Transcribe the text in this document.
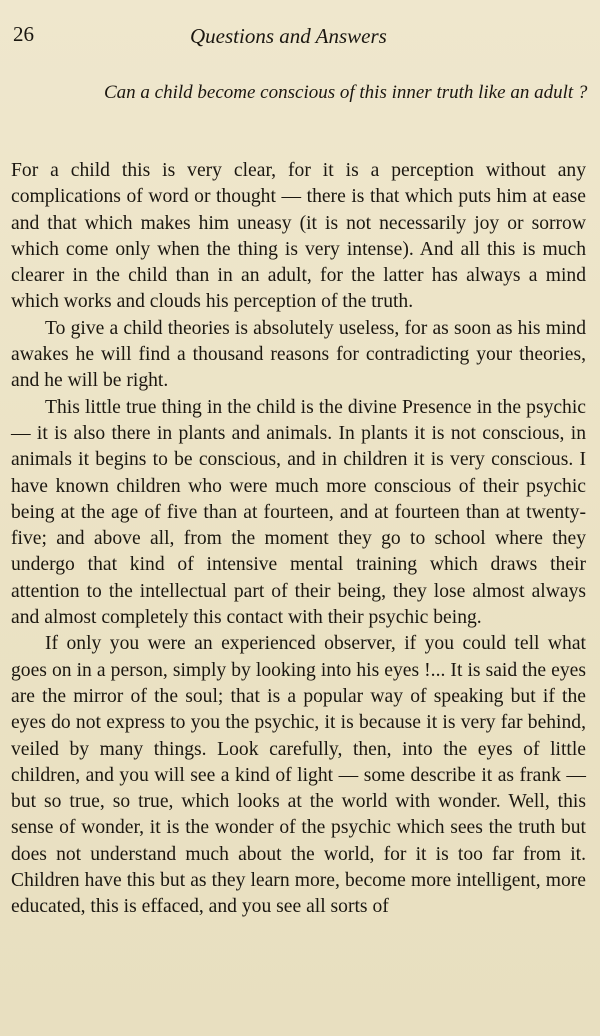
26	Questions and Answers
Can a child become conscious of this inner truth like an adult ?

For a child this is very clear, for it is a perception without any complications of word or thought — there is that which puts him at ease and that which makes him uneasy (it is not necessarily joy or sorrow which come only when the thing is very intense). And all this is much clearer in the child than in an adult, for the latter has always a mind which works and clouds his perception of the truth.

To give a child theories is absolutely useless, for as soon as his mind awakes he will find a thousand reasons for contradicting your theories, and he will be right.

This little true thing in the child is the divine Presence in the psychic — it is also there in plants and animals. In plants it is not conscious, in animals it begins to be conscious, and in children it is very conscious. I have known children who were much more conscious of their psychic being at the age of five than at fourteen, and at fourteen than at twenty-five; and above all, from the moment they go to school where they undergo that kind of intensive mental training which draws their attention to the intellectual part of their being, they lose almost always and almost completely this contact with their psychic being.

If only you were an experienced observer, if you could tell what goes on in a person, simply by looking into his eyes !... It is said the eyes are the mirror of the soul; that is a popular way of speaking but if the eyes do not express to you the psychic, it is because it is very far behind, veiled by many things. Look carefully, then, into the eyes of little children, and you will see a kind of light — some describe it as frank — but so true, so true, which looks at the world with wonder. Well, this sense of wonder, it is the wonder of the psychic which sees the truth but does not understand much about the world, for it is too far from it. Children have this but as they learn more, become more intelligent, more educated, this is effaced, and you see all sorts of
